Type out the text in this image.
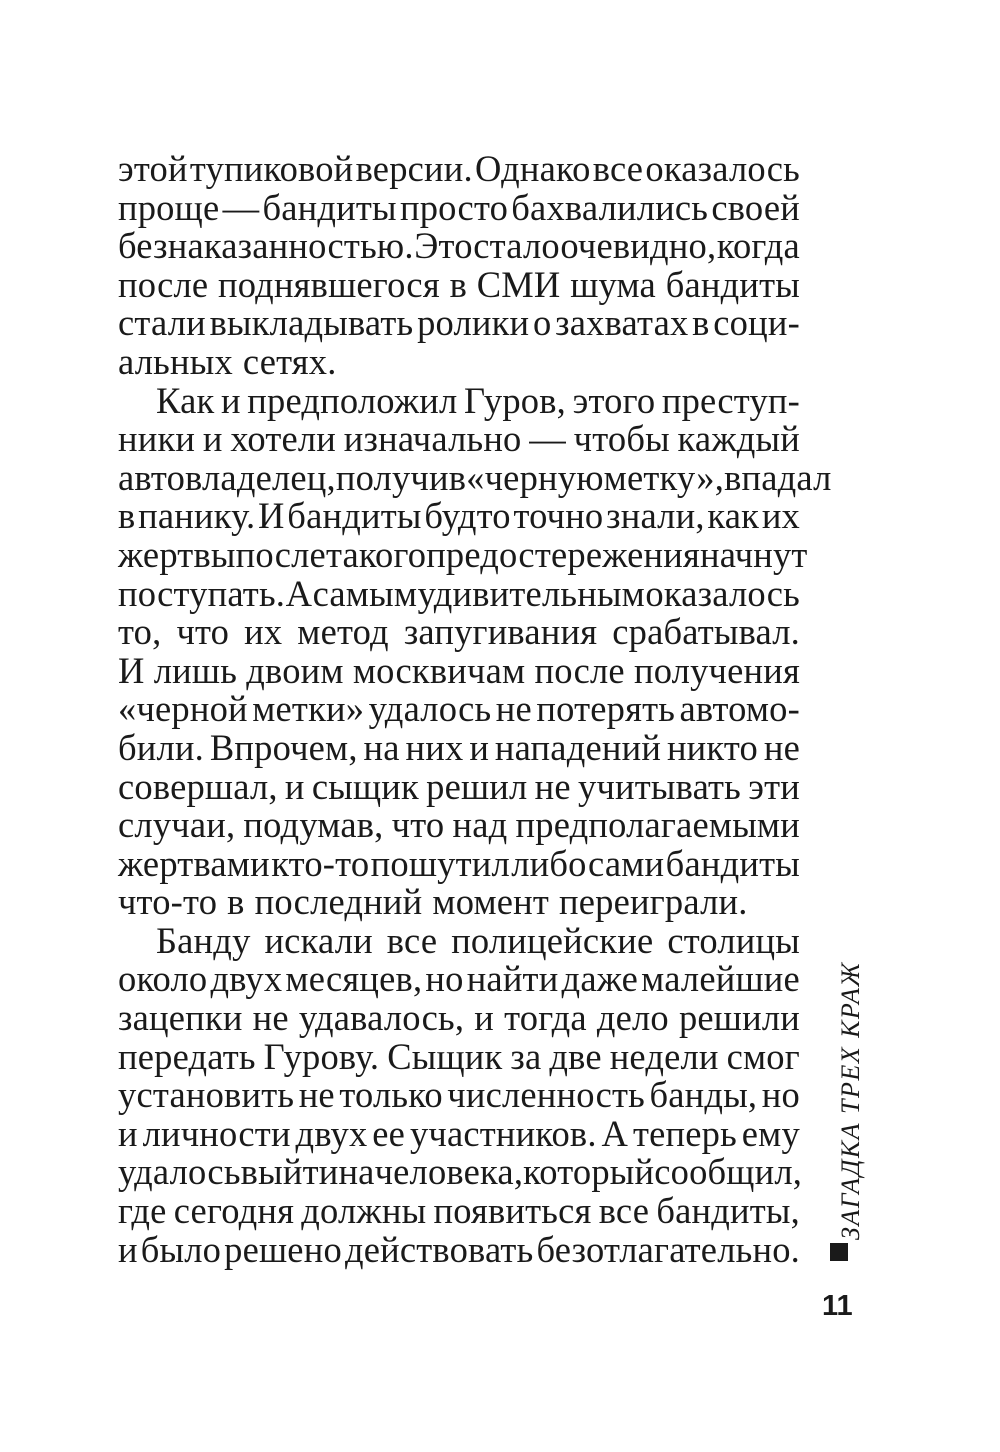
этой тупиковой версии. Однако все оказалось
проще — бандиты просто бахвалились своей
безнаказанностью. Это стало очевидно, когда
после поднявшегося в СМИ шума бандиты
стали выкладывать ролики о захватах в соци-
альных сетях.
Как и предположил Гуров, этого преступ-
ники и хотели изначально — чтобы каждый
автовладелец, получив «черную метку», впадал
в панику. И бандиты будто точно знали, как их
жертвы после такого предостережения начнут
поступать. А самым удивительным оказалось
то, что их метод запугивания срабатывал.
И лишь двоим москвичам после получения
«черной метки» удалось не потерять автомо-
били. Впрочем, на них и нападений никто не
совершал, и сыщик решил не учитывать эти
случаи, подумав, что над предполагаемыми
жертвами кто-то пошутил либо сами бандиты
что-то в последний момент переиграли.
Банду искали все полицейские столицы
около двух месяцев, но найти даже малейшие
зацепки не удавалось, и тогда дело решили
передать Гурову. Сыщик за две недели смог
установить не только численность банды, но
и личности двух ее участников. А теперь ему
удалось выйти на человека, который сообщил,
где сегодня должны появиться все бандиты,
и было решено действовать безотлагательно.
ЗАГАДКА ТРЕХ КРАЖ
11
